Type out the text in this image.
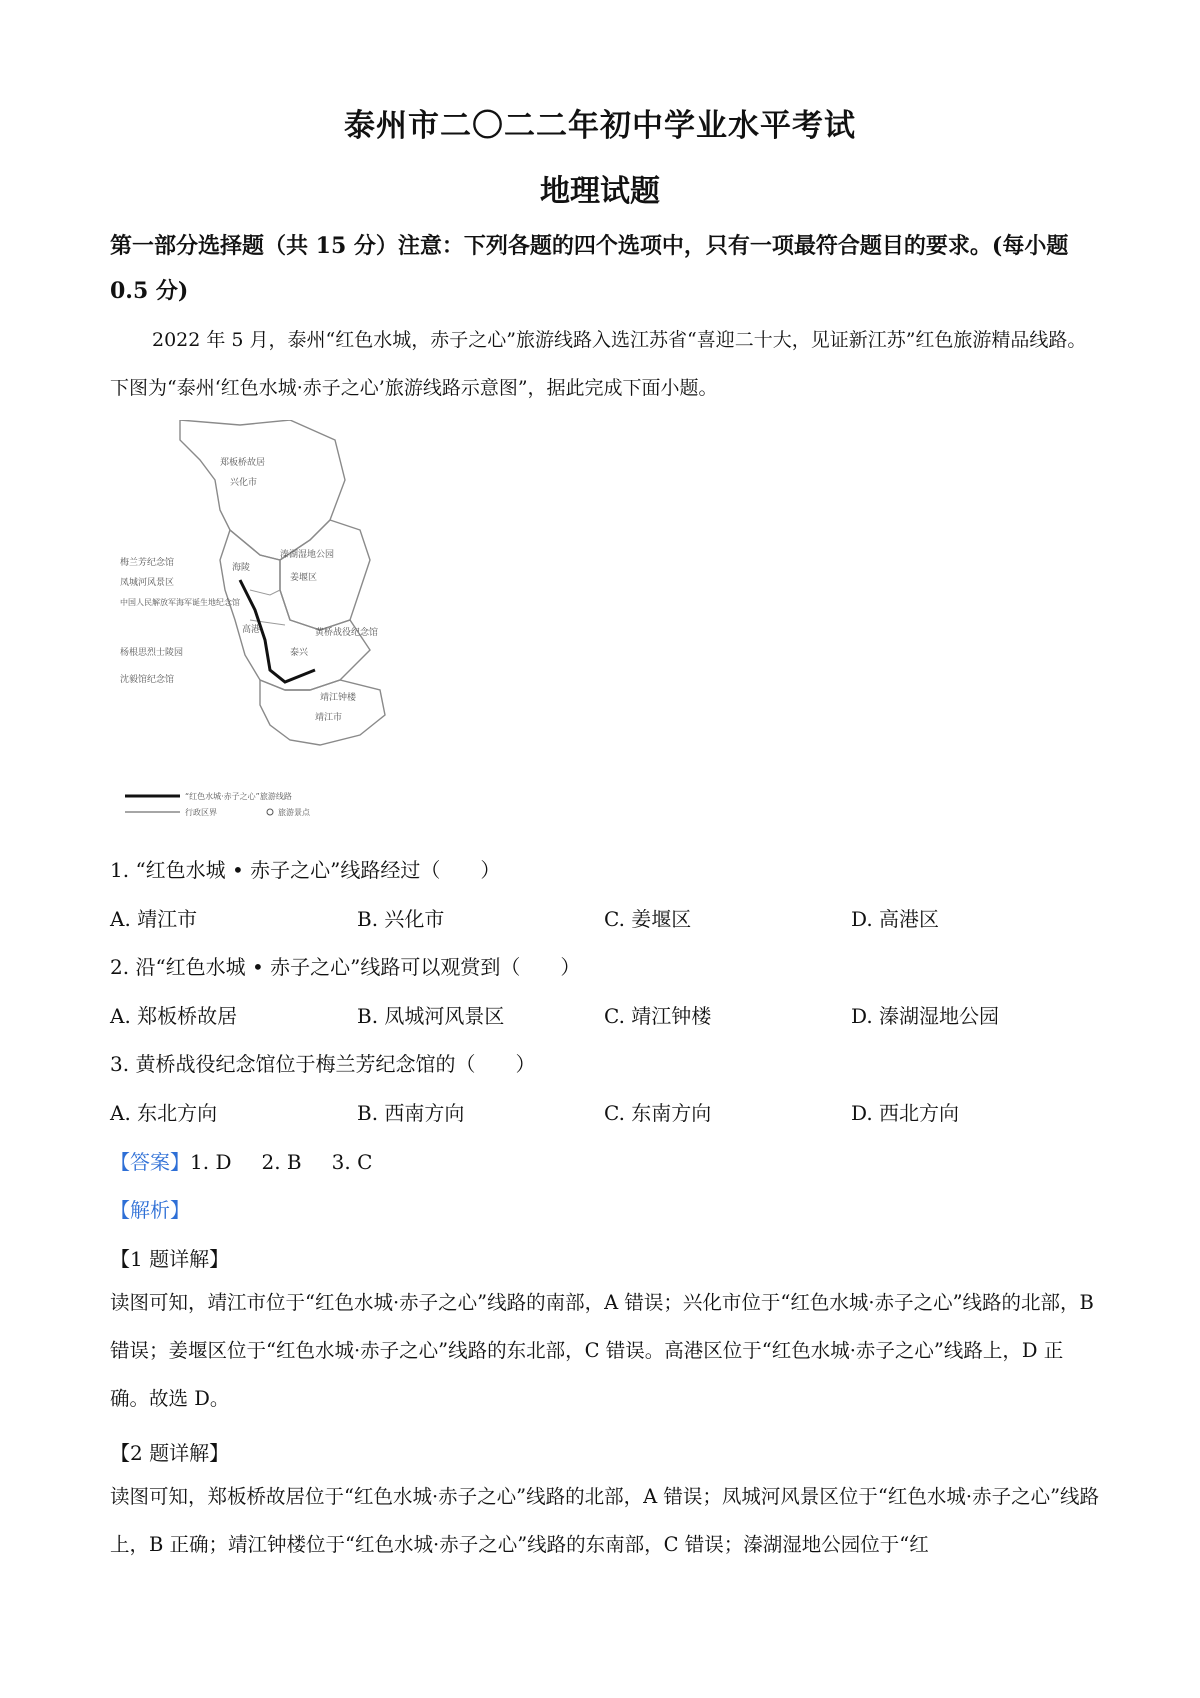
泰州市二〇二二年初中学业水平考试
地理试题
第一部分选择题（共 15 分）注意：下列各题的四个选项中，只有一项最符合题目的要求。(每小题 0.5 分)
2022 年 5 月，泰州“红色水城，赤子之心”旅游线路入选江苏省“喜迎二十大，见证新江苏”红色旅游精品线路。下图为“泰州‘红色水城·赤子之心’旅游线路示意图”，据此完成下面小题。
郑板桥故居
兴化市
溱湖湿地公园
姜堰区
梅兰芳纪念馆
凤城河风景区
中国人民解放军海军诞生地纪念馆
海陵
高港
杨根思烈士陵园
沈毅馆纪念馆
黄桥战役纪念馆
泰兴
靖江钟楼
靖江市
“红色水城·赤子之心”旅游线路
行政区界	旅游景点
1. “红色水城 • 赤子之心”线路经过（　　）
A. 靖江市	B. 兴化市	C. 姜堰区	D. 高港区
2. 沿“红色水城 • 赤子之心”线路可以观赏到（　　）
A. 郑板桥故居	B. 凤城河风景区	C. 靖江钟楼	D. 溱湖湿地公园
3. 黄桥战役纪念馆位于梅兰芳纪念馆的（　　）
A. 东北方向	B. 西南方向	C. 东南方向	D. 西北方向
【答案】1. D 2. B 3. C
【解析】
【1 题详解】
读图可知，靖江市位于“红色水城·赤子之心”线路的南部，A 错误；兴化市位于“红色水城·赤子之心”线路的北部，B 错误；姜堰区位于“红色水城·赤子之心”线路的东北部，C 错误。高港区位于“红色水城·赤子之心”线路上，D 正确。故选 D。
【2 题详解】
读图可知，郑板桥故居位于“红色水城·赤子之心”线路的北部，A 错误；凤城河风景区位于“红色水城·赤子之心”线路上，B 正确；靖江钟楼位于“红色水城·赤子之心”线路的东南部，C 错误；溱湖湿地公园位于“红
